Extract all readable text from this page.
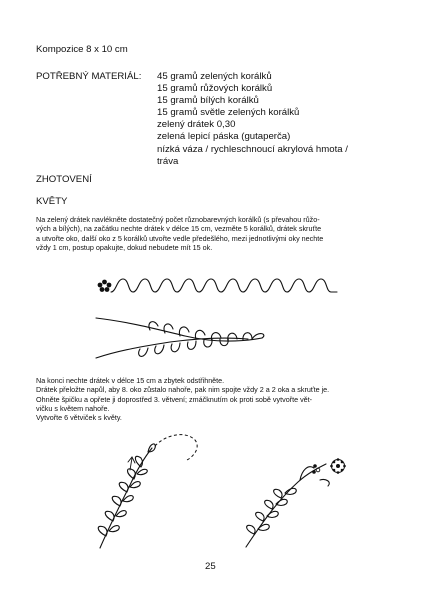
Kompozice 8 x 10 cm
POTŘEBNÝ MATERIÁL: 45 gramů zelených korálků
15 gramů růžových korálků
15 gramů bílých korálků
15 gramů světle zelených korálků
zelený drátek 0,30
zelená lepicí páska (gutaperča)
nízká váza / rychleschnoucí akrylová hmota /
tráva
ZHOTOVENÍ
KVĚTY
Na zelený drátek navlékněte dostatečný počet různobarevných korálků (s převahou růžo-
vých a bílých), na začátku nechte drátek v délce 15 cm, vezměte 5 korálků, drátek skruťte
a utvořte oko, další oko z 5 korálků utvořte vedle předešlého, mezi jednotlivými oky nechte
vždy 1 cm, postup opakujte, dokud nebudete mít 15 ok.
Na konci nechte drátek v délce 15 cm a zbytek odstřihněte.
Drátek přeložte napůl, aby 8. oko zůstalo nahoře, pak nim spojte vždy 2 a 2 oka a skruťte je.
Ohněte špičku a opřete ji doprostřed 3. větvení; zmáčknutím ok proti sobě vytvořte vět-
vičku s květem nahoře.
Vytvořte 6 větviček s květy.
25
